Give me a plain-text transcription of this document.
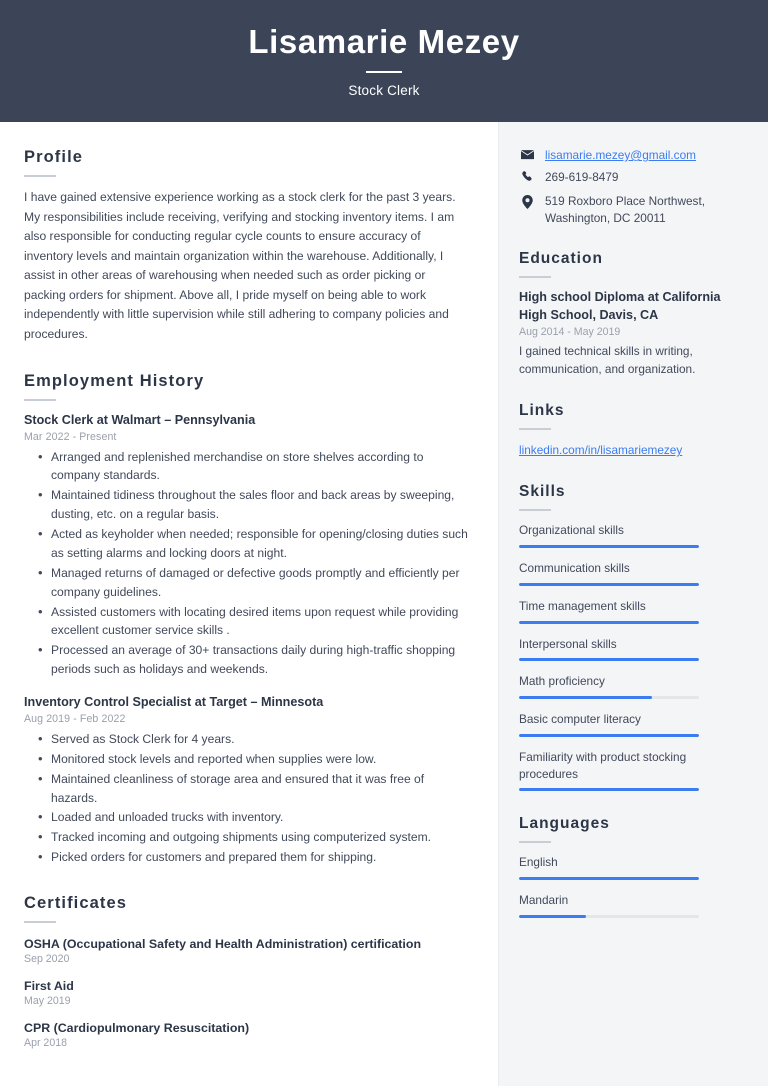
Lisamarie Mezey
Stock Clerk
Profile
I have gained extensive experience working as a stock clerk for the past 3 years. My responsibilities include receiving, verifying and stocking inventory items. I am also responsible for conducting regular cycle counts to ensure accuracy of inventory levels and maintain organization within the warehouse. Additionally, I assist in other areas of warehousing when needed such as order picking or packing orders for shipment. Above all, I pride myself on being able to work independently with little supervision while still adhering to company policies and procedures.
Employment History
Stock Clerk at Walmart – Pennsylvania
Mar 2022 - Present
• Arranged and replenished merchandise on store shelves according to company standards.
• Maintained tidiness throughout the sales floor and back areas by sweeping, dusting, etc. on a regular basis.
• Acted as keyholder when needed; responsible for opening/closing duties such as setting alarms and locking doors at night.
• Managed returns of damaged or defective goods promptly and efficiently per company guidelines.
• Assisted customers with locating desired items upon request while providing excellent customer service skills .
• Processed an average of 30+ transactions daily during high-traffic shopping periods such as holidays and weekends.
Inventory Control Specialist at Target – Minnesota
Aug 2019 - Feb 2022
• Served as Stock Clerk for 4 years.
• Monitored stock levels and reported when supplies were low.
• Maintained cleanliness of storage area and ensured that it was free of hazards.
• Loaded and unloaded trucks with inventory.
• Tracked incoming and outgoing shipments using computerized system.
• Picked orders for customers and prepared them for shipping.
Certificates
OSHA (Occupational Safety and Health Administration) certification
Sep 2020
First Aid
May 2019
CPR (Cardiopulmonary Resuscitation)
Apr 2018
lisamarie.mezey@gmail.com
269-619-8479
519 Roxboro Place Northwest,
Washington, DC 20011
Education
High school Diploma at California High School, Davis, CA
Aug 2014 - May 2019
I gained technical skills in writing, communication, and organization.
Links
linkedin.com/in/lisamariemezey
Skills
Organizational skills
Communication skills
Time management skills
Interpersonal skills
Math proficiency
Basic computer literacy
Familiarity with product stocking procedures
Languages
English
Mandarin
